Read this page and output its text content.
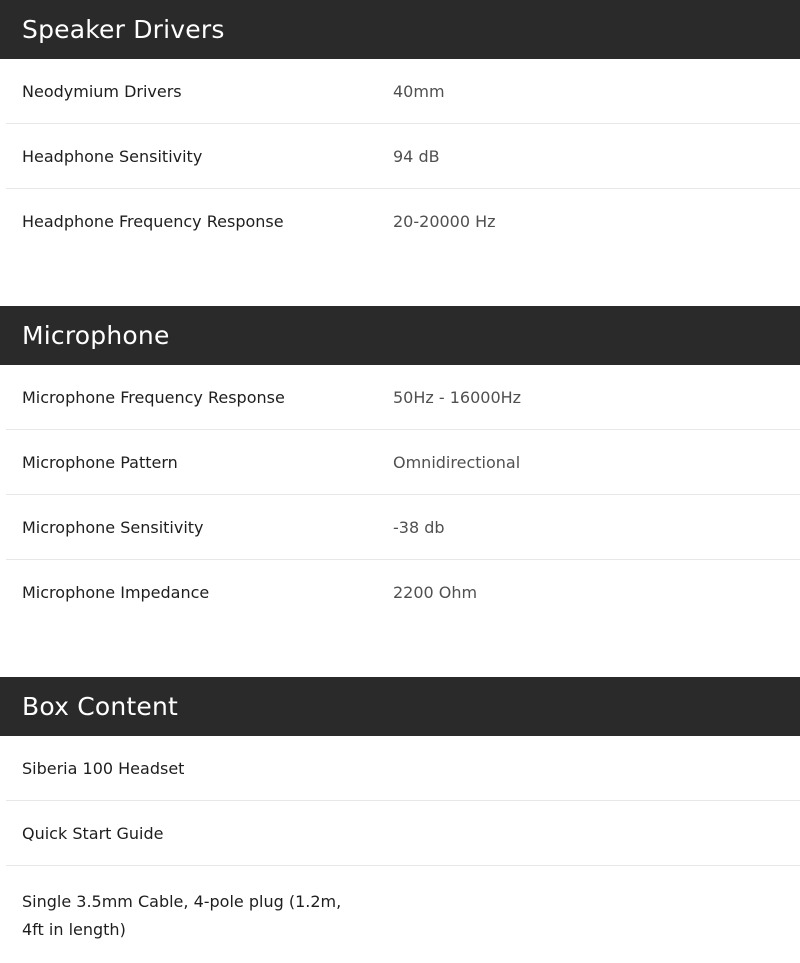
Speaker Drivers
Neodymium Drivers	40mm
Headphone Sensitivity	94 dB
Headphone Frequency Response	20-20000 Hz
Microphone
Microphone Frequency Response	50Hz - 16000Hz
Microphone Pattern	Omnidirectional
Microphone Sensitivity	-38 db
Microphone Impedance	2200 Ohm
Box Content
Siberia 100 Headset
Quick Start Guide
Single 3.5mm Cable, 4-pole plug (1.2m, 4ft in length)
